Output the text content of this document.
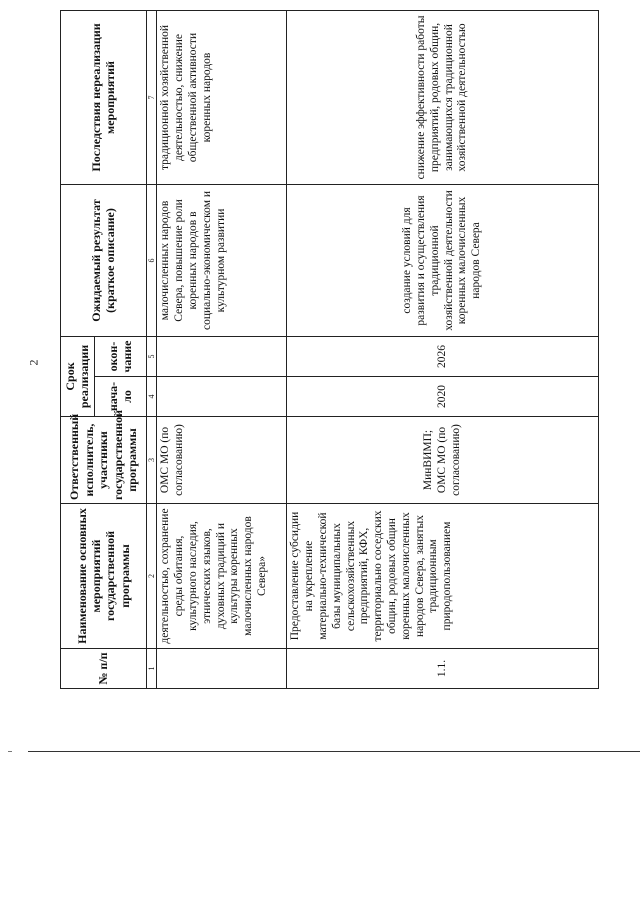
2
№ п/п	Наименование основных мероприятий государственной программы	Ответственный исполнитель, участники государственной программы	Срок реализации		Ожидаемый результат (краткое описание)	Последствия нереализации мероприятий
			нача-ло	окон-чание		
1	2	3	4	5	6	7
	деятельностью, сохранение среды обитания, культурного наследия, этнических языков, духовных традиций и культуры коренных малочисленных народов Севера»	ОМС МО (по согласованию)			малочисленных народов Севера, повышение роли коренных народов в социально-экономическом и культурном развитии	традиционной хозяйственной деятельностью, снижение общественной активности коренных народов
1.1.	Предоставление субсидии на укрепление материально-технической базы муниципальных сельскохозяйственных предприятий, КФХ, территориально соседских общин, родовых общин коренных малочисленных народов Севера, занятых традиционным природопользованием	МинВИМП; ОМС МО (по согласованию)	2020	2026	создание условий для развития и осуществления традиционной хозяйственной деятельности коренных малочисленных народов Севера	снижение эффективности работы предприятий, родовых общин, занимающихся традиционной хозяйственной деятельностью
